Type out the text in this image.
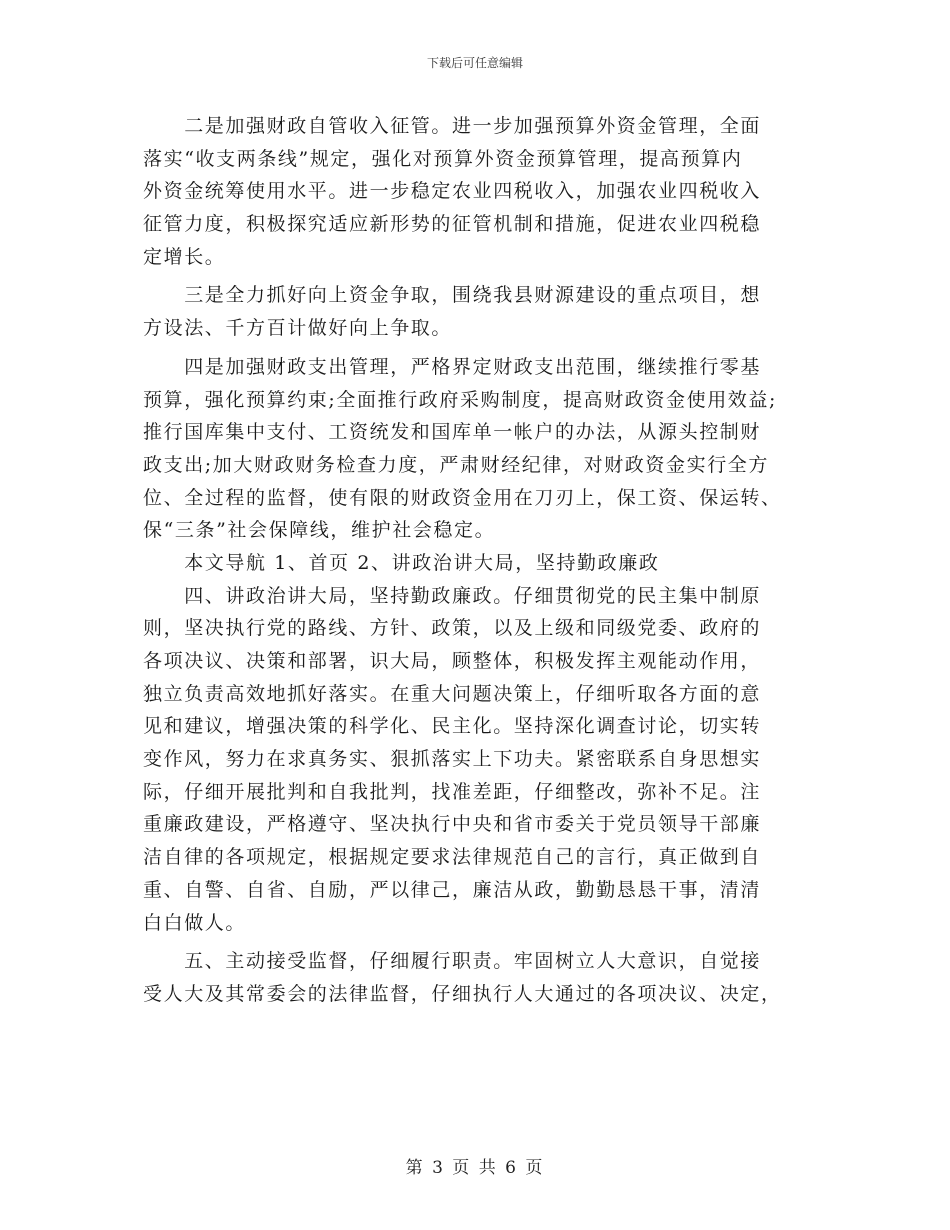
下载后可任意编辑
　　二是加强财政自管收入征管。进一步加强预算外资金管理，全面
落实“收支两条线”规定，强化对预算外资金预算管理，提高预算内
外资金统筹使用水平。进一步稳定农业四税收入，加强农业四税收入
征管力度，积极探究适应新形势的征管机制和措施，促进农业四税稳
定增长。
　　三是全力抓好向上资金争取，围绕我县财源建设的重点项目，想
方设法、千方百计做好向上争取。
　　四是加强财政支出管理，严格界定财政支出范围，继续推行零基
预算，强化预算约束;全面推行政府采购制度，提高财政资金使用效益;
推行国库集中支付、工资统发和国库单一帐户的办法，从源头控制财
政支出;加大财政财务检查力度，严肃财经纪律，对财政资金实行全方
位、全过程的监督，使有限的财政资金用在刀刃上，保工资、保运转、
保“三条”社会保障线，维护社会稳定。
　　本文导航 1、首页 2、讲政治讲大局，坚持勤政廉政
　　四、讲政治讲大局，坚持勤政廉政。仔细贯彻党的民主集中制原
则，坚决执行党的路线、方针、政策，以及上级和同级党委、政府的
各项决议、决策和部署，识大局，顾整体，积极发挥主观能动作用，
独立负责高效地抓好落实。在重大问题决策上，仔细听取各方面的意
见和建议，增强决策的科学化、民主化。坚持深化调查讨论，切实转
变作风，努力在求真务实、狠抓落实上下功夫。紧密联系自身思想实
际，仔细开展批判和自我批判，找准差距，仔细整改，弥补不足。注
重廉政建设，严格遵守、坚决执行中央和省市委关于党员领导干部廉
洁自律的各项规定，根据规定要求法律规范自己的言行，真正做到自
重、自警、自省、自励，严以律己，廉洁从政，勤勤恳恳干事，清清
白白做人。
　　五、主动接受监督，仔细履行职责。牢固树立人大意识，自觉接
受人大及其常委会的法律监督，仔细执行人大通过的各项决议、决定，
第 3 页 共 6 页
